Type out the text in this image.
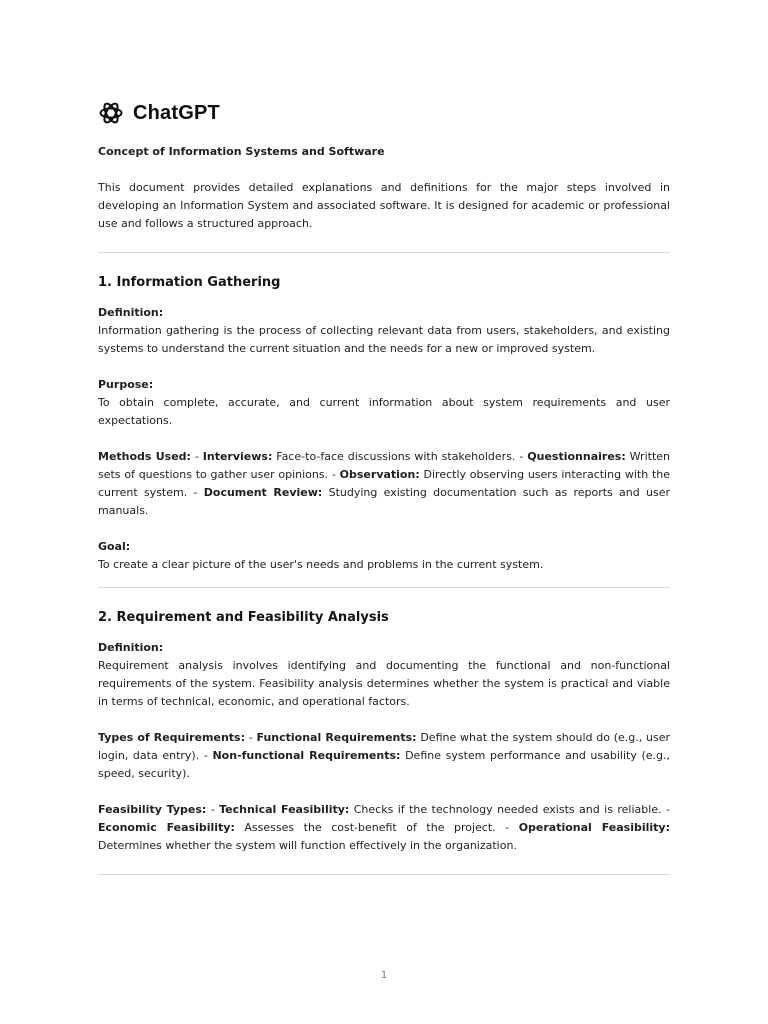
ChatGPT
Concept of Information Systems and Software

This document provides detailed explanations and definitions for the major steps involved in developing an Information System and associated software. It is designed for academic or professional use and follows a structured approach.

1. Information Gathering

Definition:

Information gathering is the process of collecting relevant data from users, stakeholders, and existing systems to understand the current situation and the needs for a new or improved system.

Purpose:

To obtain complete, accurate, and current information about system requirements and user expectations.

Methods Used: - Interviews: Face-to-face discussions with stakeholders. - Questionnaires: Written sets of questions to gather user opinions. - Observation: Directly observing users interacting with the current system. - Document Review: Studying existing documentation such as reports and user manuals.

Goal:

To create a clear picture of the user's needs and problems in the current system.

2. Requirement and Feasibility Analysis

Definition:

Requirement analysis involves identifying and documenting the functional and non-functional requirements of the system. Feasibility analysis determines whether the system is practical and viable in terms of technical, economic, and operational factors.

Types of Requirements: - Functional Requirements: Define what the system should do (e.g., user login, data entry). - Non-functional Requirements: Define system performance and usability (e.g., speed, security).

Feasibility Types: - Technical Feasibility: Checks if the technology needed exists and is reliable. - Economic Feasibility: Assesses the cost-benefit of the project. - Operational Feasibility: Determines whether the system will function effectively in the organization.

1
